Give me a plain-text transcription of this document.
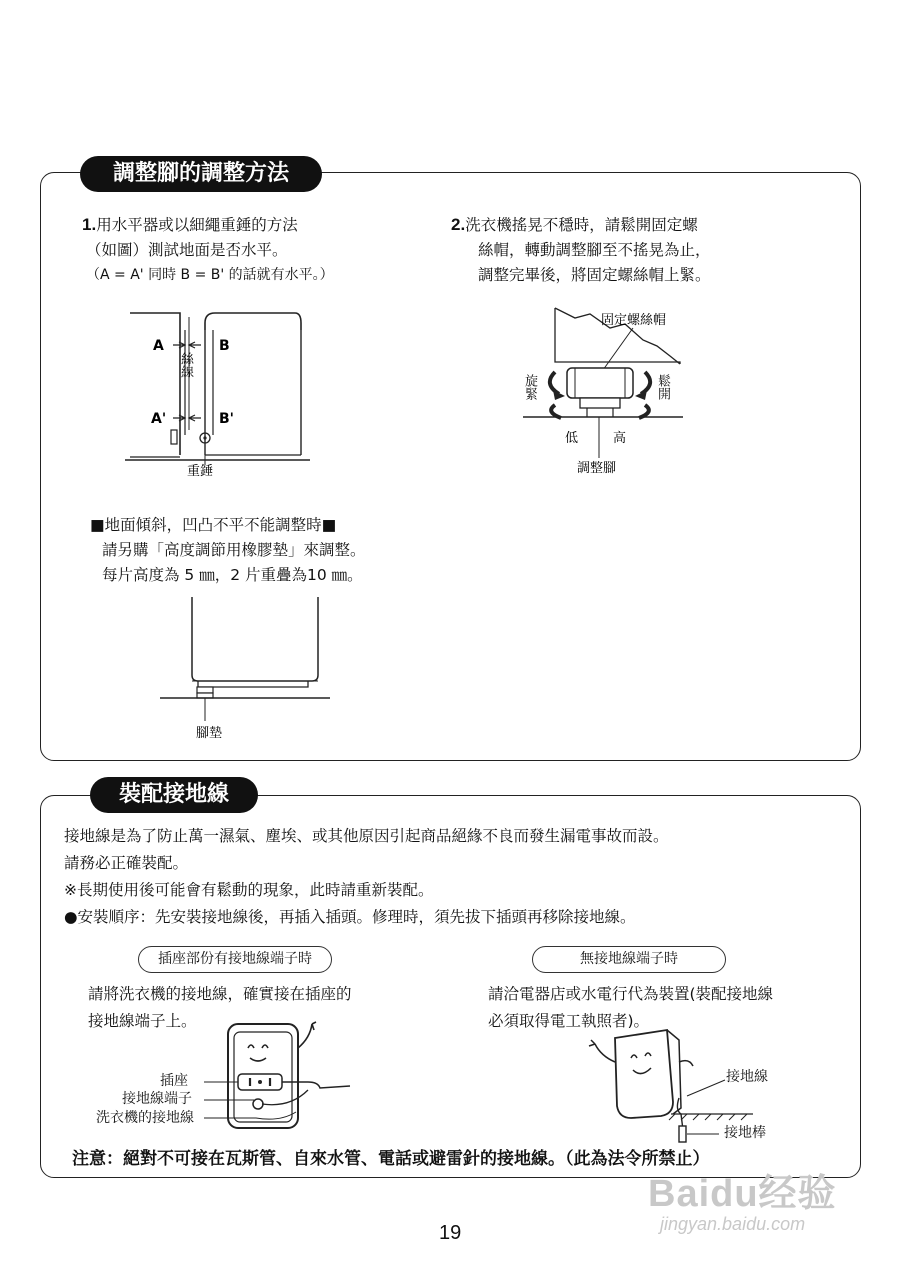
調整腳的調整方法
1.用水平器或以細繩重錘的方法
（如圖）測試地面是否水平。
（A = A' 同時 B = B' 的話就有水平。）
2.洗衣機搖晃不穩時，請鬆開固定螺
絲帽，轉動調整腳至不搖晃為止，
調整完畢後，將固定螺絲帽上緊。
A	B
A'	B'
重錘
絲線
固定螺絲帽
低	高
調整腳
旋緊	鬆開
■地面傾斜，凹凸不平不能調整時■
請另購「高度調節用橡膠墊」來調整。
每片高度為 5 ㎜，2 片重疊為10 ㎜。
腳墊
裝配接地線
接地線是為了防止萬一濕氣、塵埃、或其他原因引起商品絕緣不良而發生漏電事故而設。
請務必正確裝配。
※長期使用後可能會有鬆動的現象，此時請重新裝配。
●安裝順序：先安裝接地線後，再插入插頭。修理時，須先拔下插頭再移除接地線。
插座部份有接地線端子時
請將洗衣機的接地線，確實接在插座的
接地線端子上。
插座
接地線端子
洗衣機的接地線
無接地線端子時
請洽電器店或水電行代為裝置(裝配接地線
必須取得電工執照者)。
接地線
接地棒
注意：絕對不可接在瓦斯管、自來水管、電話或避雷針的接地線。（此為法令所禁止）
19
Baidu经验
jingyan.baidu.com
